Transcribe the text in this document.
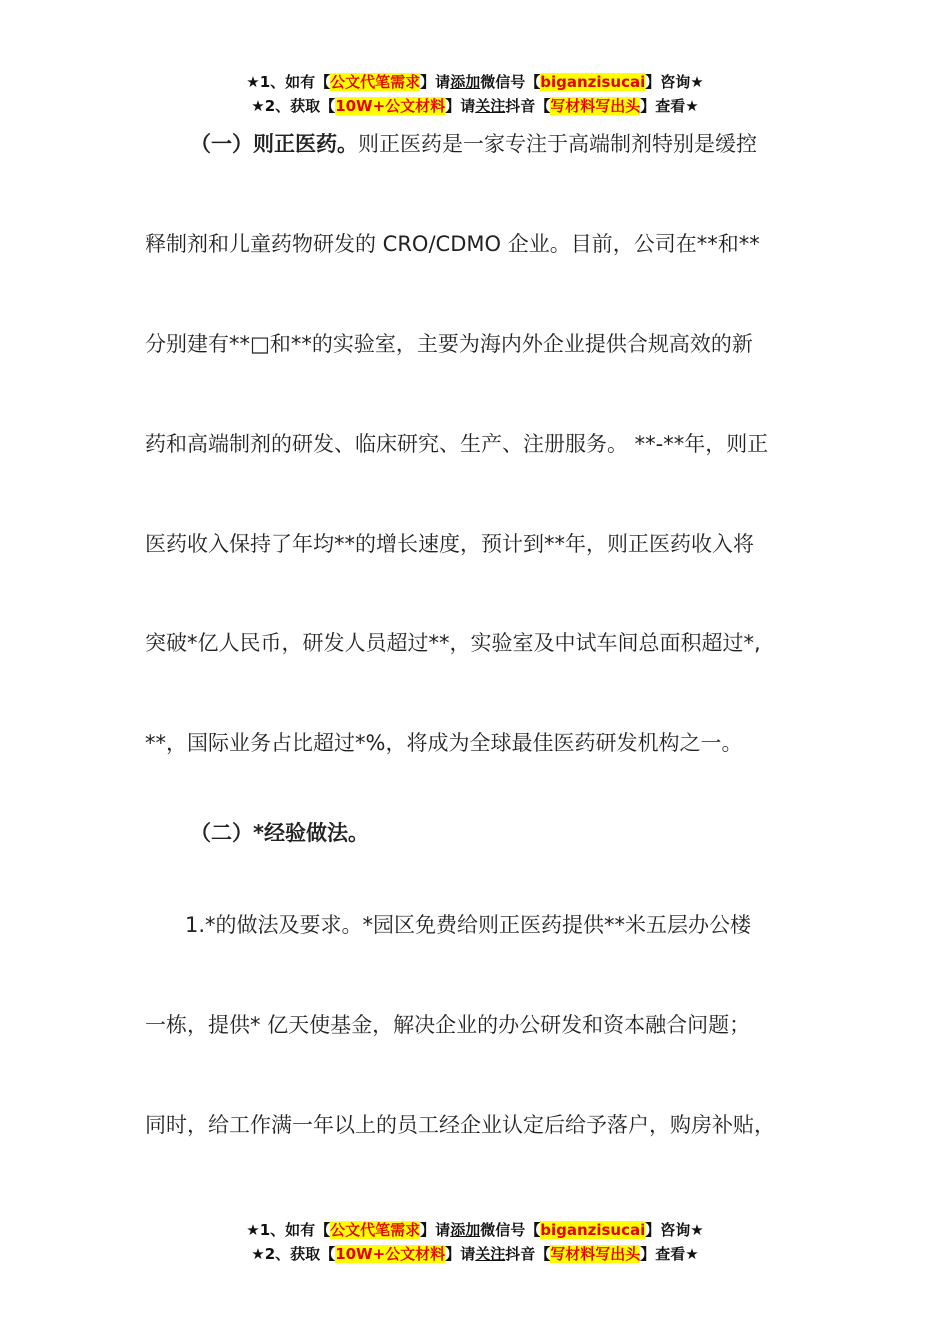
★1、如有【公文代笔需求】请添加微信号【biganzisucai】咨询★
★2、获取【10W+公文材料】请关注抖音【写材料写出头】查看★
（一）则正医药。则正医药是一家专注于高端制剂特别是缓控
释制剂和儿童药物研发的 CRO/CDMO 企业。目前，公司在**和**
分别建有**□和**的实验室，主要为海内外企业提供合规高效的新
药和高端制剂的研发、临床研究、生产、注册服务。 **-**年，则正
医药收入保持了年均**的增长速度，预计到**年，则正医药收入将
突破*亿人民币，研发人员超过**，实验室及中试车间总面积超过*,
**，国际业务占比超过*%，将成为全球最佳医药研发机构之一。
（二）*经验做法。
1.*的做法及要求。*园区免费给则正医药提供**米五层办公楼
一栋，提供* 亿天使基金，解决企业的办公研发和资本融合问题；
同时，给工作满一年以上的员工经企业认定后给予落户，购房补贴，
★1、如有【公文代笔需求】请添加微信号【biganzisucai】咨询★
★2、获取【10W+公文材料】请关注抖音【写材料写出头】查看★
